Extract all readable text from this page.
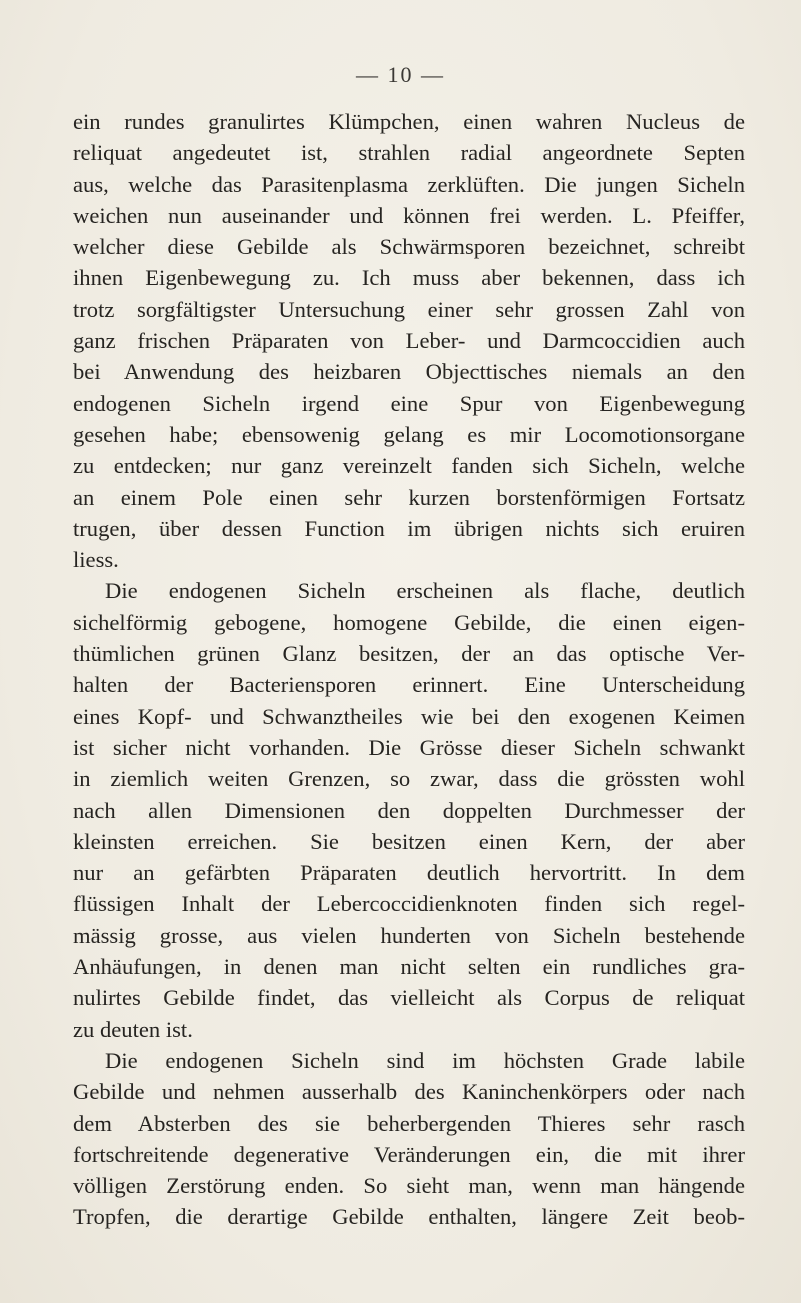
— 10 —
ein rundes granulirtes Klümpchen, einen wahren Nucleus de
reliquat angedeutet ist, strahlen radial angeordnete Septen
aus, welche das Parasitenplasma zerklüften. Die jungen Sicheln
weichen nun auseinander und können frei werden. L. Pfeiffer,
welcher diese Gebilde als Schwärmsporen bezeichnet, schreibt
ihnen Eigenbewegung zu. Ich muss aber bekennen, dass ich
trotz sorgfältigster Untersuchung einer sehr grossen Zahl von
ganz frischen Präparaten von Leber- und Darmcoccidien auch
bei Anwendung des heizbaren Objecttisches niemals an den
endogenen Sicheln irgend eine Spur von Eigenbewegung
gesehen habe; ebensowenig gelang es mir Locomotionsorgane
zu entdecken; nur ganz vereinzelt fanden sich Sicheln, welche
an einem Pole einen sehr kurzen borstenförmigen Fortsatz
trugen, über dessen Function im übrigen nichts sich eruiren
liess.
Die endogenen Sicheln erscheinen als flache, deutlich
sichelförmig gebogene, homogene Gebilde, die einen eigen-
thümlichen grünen Glanz besitzen, der an das optische Ver-
halten der Bacteriensporen erinnert. Eine Unterscheidung
eines Kopf- und Schwanztheiles wie bei den exogenen Keimen
ist sicher nicht vorhanden. Die Grösse dieser Sicheln schwankt
in ziemlich weiten Grenzen, so zwar, dass die grössten wohl
nach allen Dimensionen den doppelten Durchmesser der
kleinsten erreichen. Sie besitzen einen Kern, der aber
nur an gefärbten Präparaten deutlich hervortritt. In dem
flüssigen Inhalt der Lebercoccidienknoten finden sich regel-
mässig grosse, aus vielen hunderten von Sicheln bestehende
Anhäufungen, in denen man nicht selten ein rundliches gra-
nulirtes Gebilde findet, das vielleicht als Corpus de reliquat
zu deuten ist.
Die endogenen Sicheln sind im höchsten Grade labile
Gebilde und nehmen ausserhalb des Kaninchenkörpers oder nach
dem Absterben des sie beherbergenden Thieres sehr rasch
fortschreitende degenerative Veränderungen ein, die mit ihrer
völligen Zerstörung enden. So sieht man, wenn man hängende
Tropfen, die derartige Gebilde enthalten, längere Zeit beob-
